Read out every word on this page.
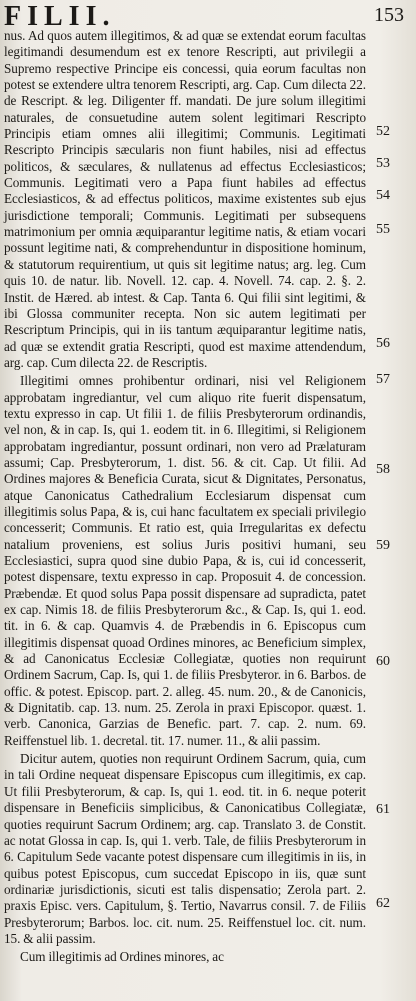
FILII.	153

nus. Ad quos autem illegitimos, & ad quæ se extendat eorum facultas legitimandi desumendum est ex tenore Rescripti, aut privilegii a Supremo respective Principe eis concessi, quia eorum facultas non potest se extendere ultra tenorem Rescripti, arg. Cap. Cum dilecta 22. de Rescript. & leg. Diligenter ff. mandati. De jure solum illegitimi naturales, de consuetudine autem solent legitimari Rescripto Principis etiam omnes alii illegitimi; Communis. Legitimati Rescripto Principis sæcularis non fiunt habiles, nisi ad effectus politicos, & sæculares, & nullatenus ad effectus Ecclesiasticos; Communis. Legitimati vero a Papa fiunt habiles ad effectus Ecclesiasticos, & ad effectus politicos, maxime existentes sub ejus jurisdictione temporali; Communis. Legitimati per subsequens matrimonium per omnia æquiparantur legitime natis, & etiam vocari possunt legitime nati, & comprehenduntur in dispositione hominum, & statutorum requirentium, ut quis sit legitime natus; arg. leg. Cum quis 10. de natur. lib. Novell. 12. cap. 4. Novell. 74. cap. 2. §. 2. Instit. de Hæred. ab intest. & Cap. Tanta 6. Qui filii sint legitimi, & ibi Glossa communiter recepta. Non sic autem legitimati per Rescriptum Principis, qui in iis tantum æquiparantur legitime natis, ad quæ se extendit gratia Rescripti, quod est maxime attendendum, arg. cap. Cum dilecta 22. de Rescriptis.

Illegitimi omnes prohibentur ordinari, nisi vel Religionem approbatam ingrediantur, vel cum aliquo rite fuerit dispensatum, textu expresso in cap. Ut filii 1. de filiis Presbyterorum ordinandis, vel non, & in cap. Is, qui 1. eodem tit. in 6. Illegitimi, si Religionem approbatam ingrediantur, possunt ordinari, non vero ad Prælaturam assumi; Cap. Presbyterorum, 1. dist. 56. & cit. Cap. Ut filii. Ad Ordines majores & Beneficia Curata, sicut & Dignitates, Personatus, atque Canonicatus Cathedralium Ecclesiarum dispensat cum illegitimis solus Papa, & is, cui hanc facultatem ex speciali privilegio concesserit; Communis. Et ratio est, quia Irregularitas ex defectu natalium proveniens, est solius Juris positivi humani, seu Ecclesiastici, supra quod sine dubio Papa, & is, cui id concesserit, potest dispensare, textu expresso in cap. Proposuit 4. de concession. Præbendæ. Et quod solus Papa possit dispensare ad supradicta, patet ex cap. Nimis 18. de filiis Presbyterorum &c., & Cap. Is, qui 1. eod. tit. in 6. & cap. Quamvis 4. de Præbendis in 6. Episcopus cum illegitimis dispensat quoad Ordines minores, ac Beneficium simplex, & ad Canonicatus Ecclesiæ Collegiatæ, quoties non requirunt Ordinem Sacrum, Cap. Is, qui 1. de filiis Presbyteror. in 6. Barbos. de offic. & potest. Episcop. part. 2. alleg. 45. num. 20., & de Canonicis, & Dignitatib. cap. 13. num. 25. Zerola in praxi Episcopor. quæst. 1. verb. Canonica, Garzias de Benefic. part. 7. cap. 2. num. 69. Reiffenstuel lib. 1. decretal. tit. 17. numer. 11., & alii passim.

Dicitur autem, quoties non requirunt Ordinem Sacrum, quia, cum in tali Ordine nequeat dispensare Episcopus cum illegitimis, ex cap. Ut filii Presbyterorum, & cap. Is, qui 1. eod. tit. in 6. neque poterit dispensare in Beneficiis simplicibus, & Canonicatibus Collegiatæ, quoties requirunt Sacrum Ordinem; arg. cap. Translato 3. de Constit. ac notat Glossa in cap. Is, qui 1. verb. Tale, de filiis Presbyterorum in 6. Capitulum Sede vacante potest dispensare cum illegitimis in iis, in quibus potest Episcopus, cum succedat Episcopo in iis, quæ sunt ordinariæ jurisdictionis, sicuti est talis dispensatio; Zerola part. 2. praxis Episc. vers. Capitulum, §. Tertio, Navarrus consil. 7. de Filiis Presbyterorum; Barbos. loc. cit. num. 25. Reiffenstuel loc. cit. num. 15. & alii passim.

Cum illegitimis ad Ordines minores, ac

52
53
54
55
56
57
58
59
60
61
62
